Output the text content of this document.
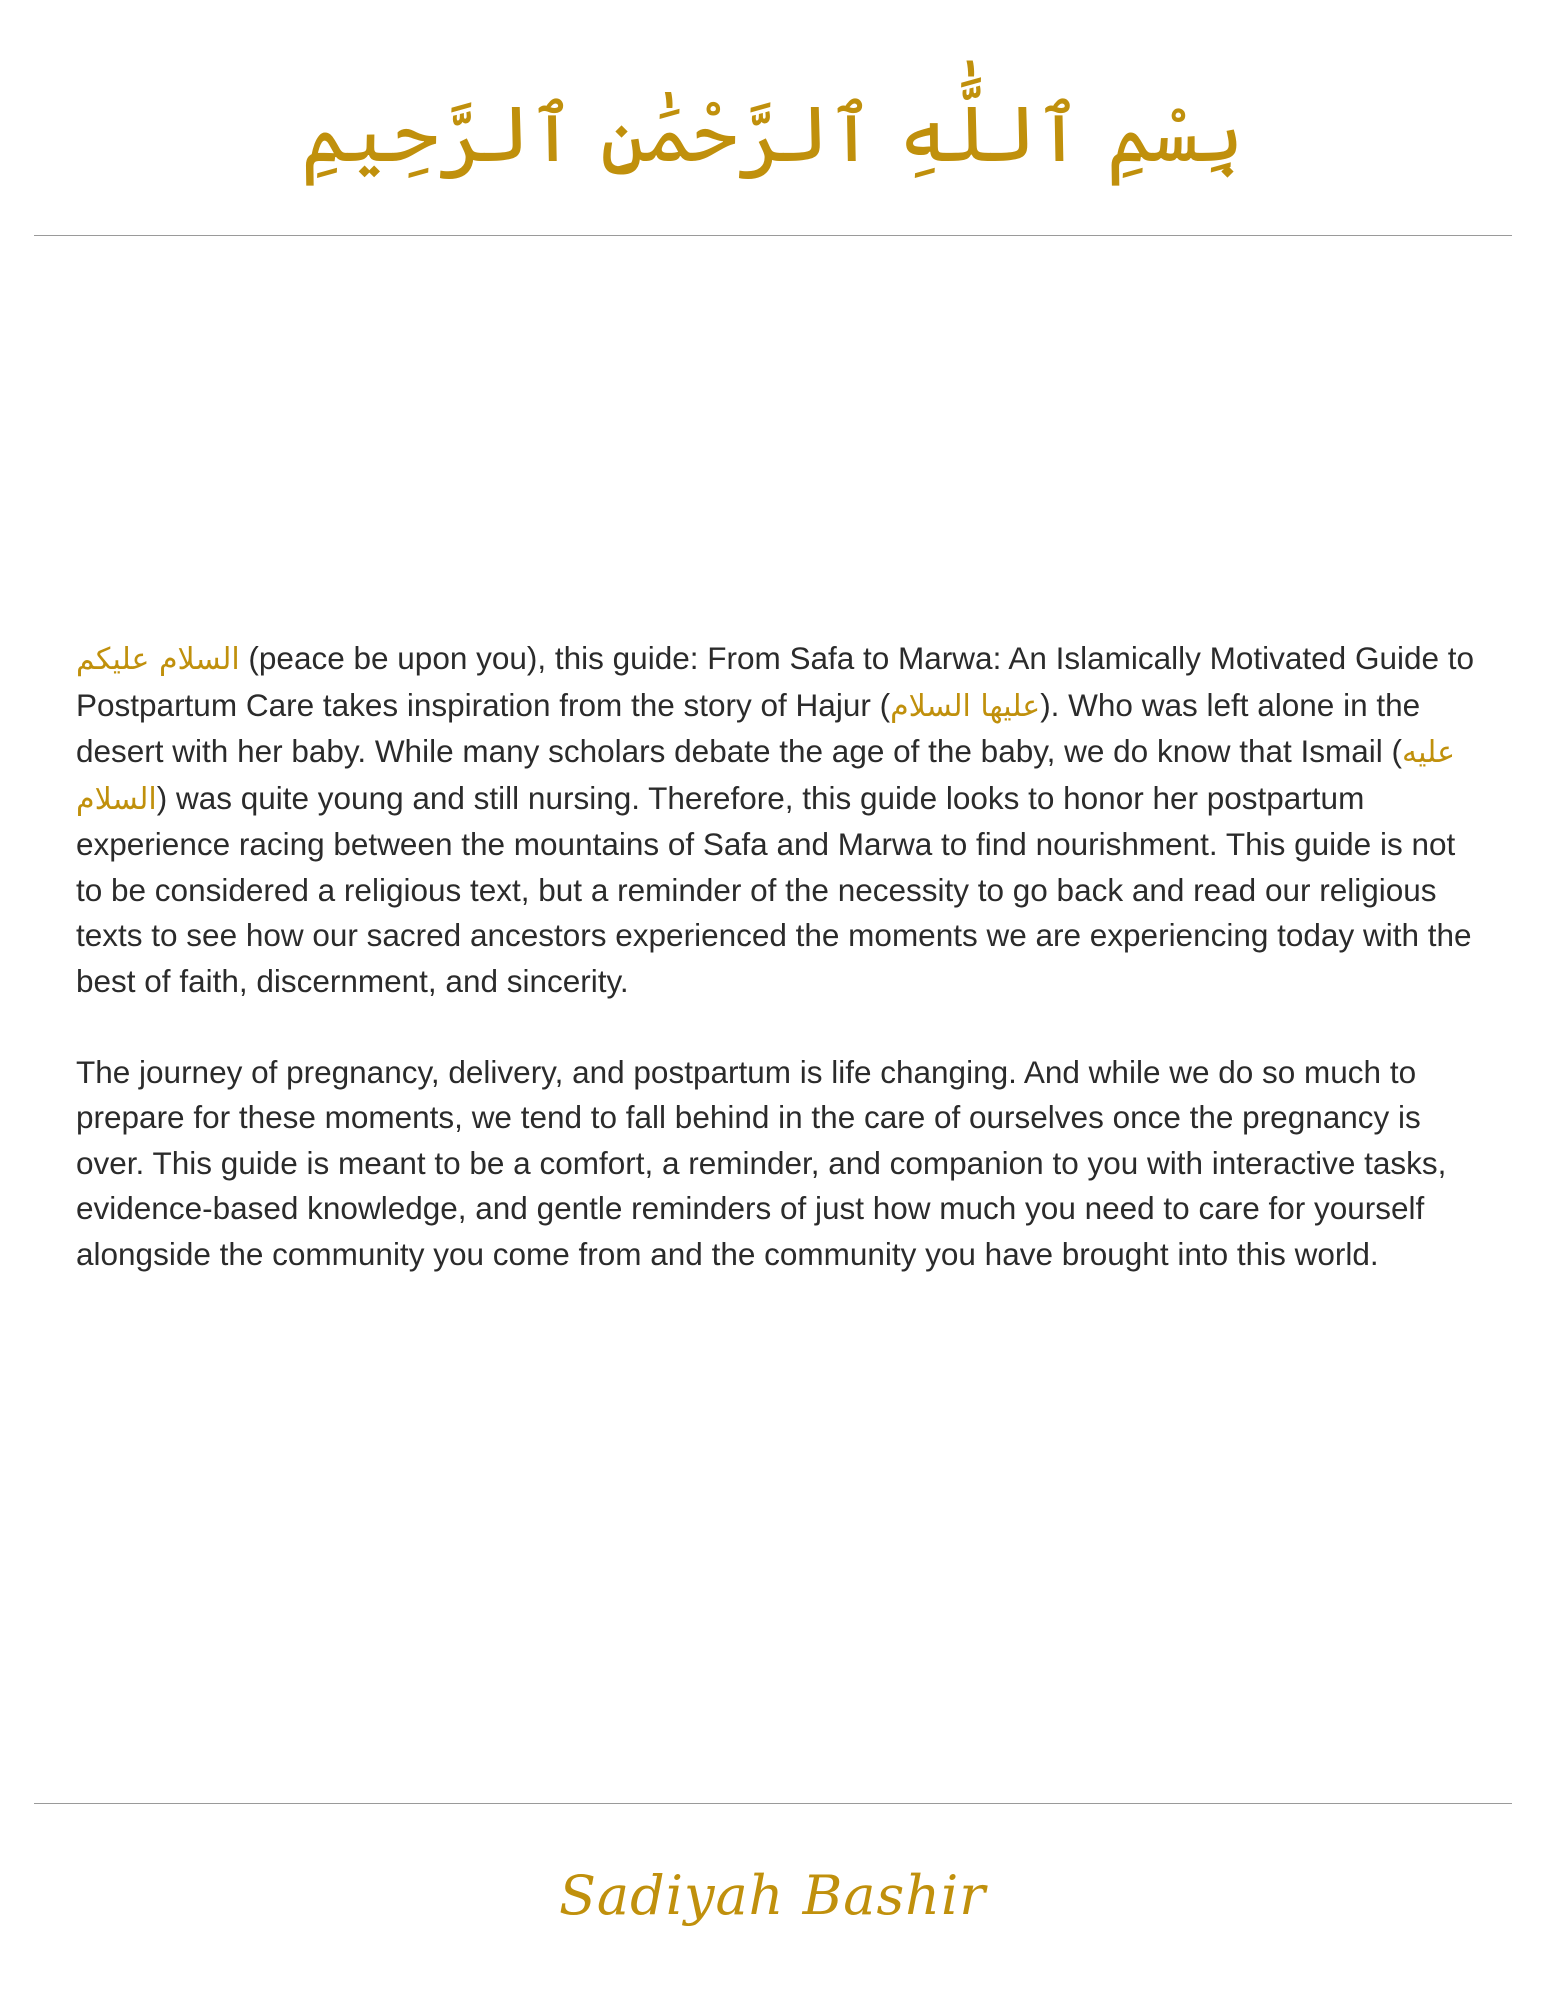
بِسْمِ ٱللَّٰهِ ٱلرَّحْمَٰنِ ٱلرَّحِيمِ

السلام عليكم (peace be upon you), this guide: From Safa to Marwa: An Islamically Motivated Guide to Postpartum Care takes inspiration from the story of Hajur (عليها السلام). Who was left alone in the desert with her baby. While many scholars debate the age of the baby, we do know that Ismail (عليه السلام) was quite young and still nursing. Therefore, this guide looks to honor her postpartum experience racing between the mountains of Safa and Marwa to find nourishment. This guide is not to be considered a religious text, but a reminder of the necessity to go back and read our religious texts to see how our sacred ancestors experienced the moments we are experiencing today with the best of faith, discernment, and sincerity.

The journey of pregnancy, delivery, and postpartum is life changing. And while we do so much to prepare for these moments, we tend to fall behind in the care of ourselves once the pregnancy is over. This guide is meant to be a comfort, a reminder, and companion to you with interactive tasks, evidence-based knowledge, and gentle reminders of just how much you need to care for yourself alongside the community you come from and the community you have brought into this world.

Sadiyah Bashir
